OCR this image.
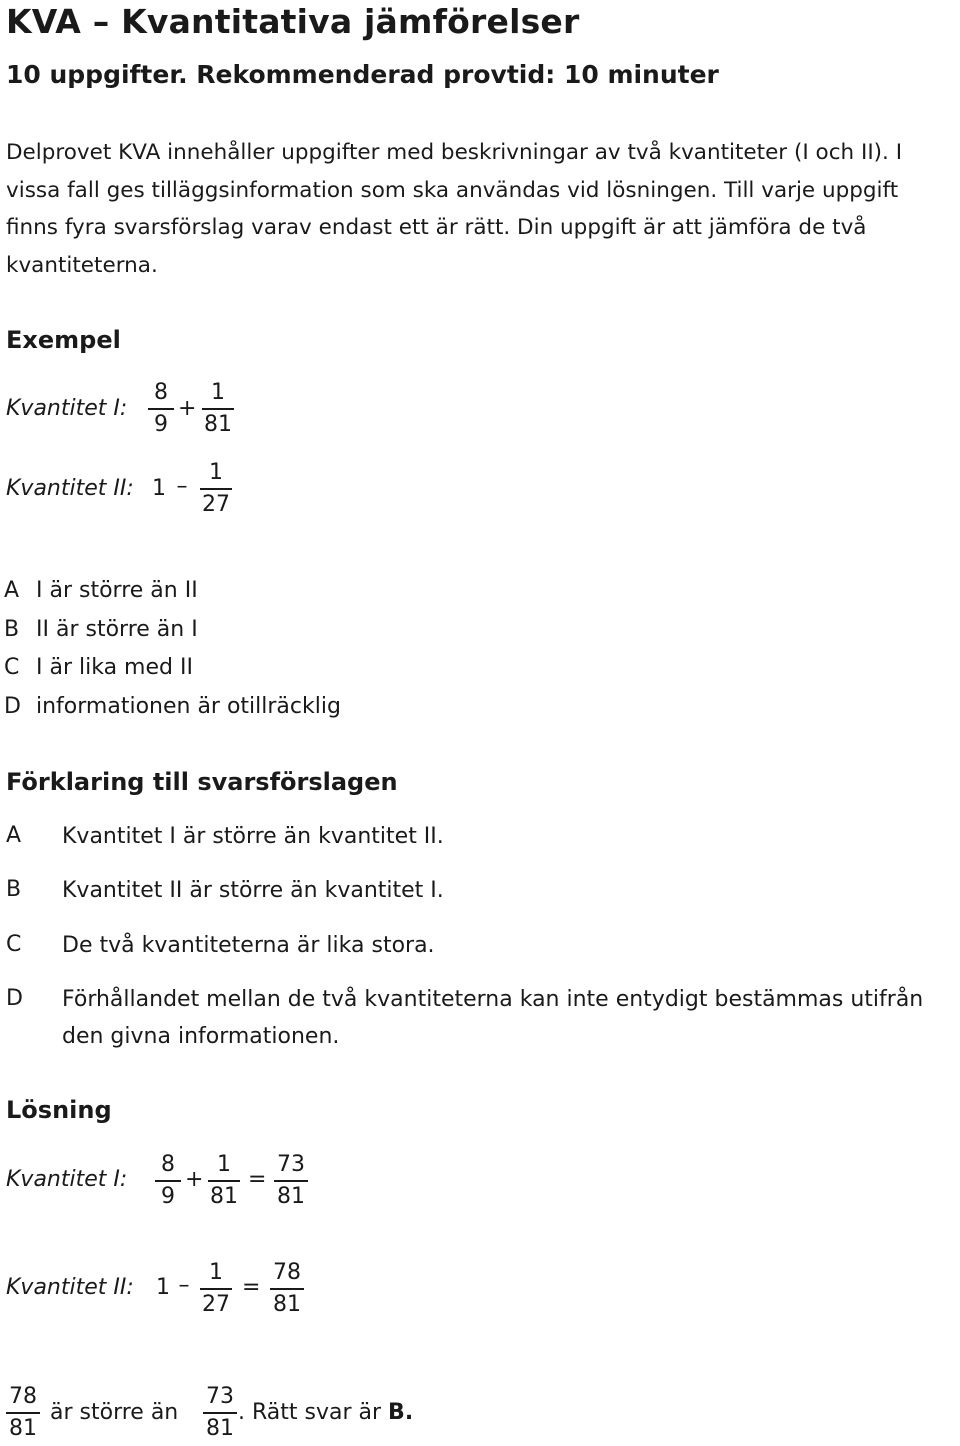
KVA – Kvantitativa jämförelser
10 uppgifter. Rekommenderad provtid: 10 minuter
Delprovet KVA innehåller uppgifter med beskrivningar av två kvantiteter (I och II). I vissa fall ges tilläggsinformation som ska användas vid lösningen. Till varje uppgift finns fyra svarsförslag varav endast ett är rätt. Din uppgift är att jämföra de två kvantiteterna.
Exempel
Kvantitet I:
8
9
+
1
81
Kvantitet II: 1 –
1
27
A I är större än II
B II är större än I
C I är lika med II
D informationen är otillräcklig
Förklaring till svarsförslagen
A Kvantitet I är större än kvantitet II.
B Kvantitet II är större än kvantitet I.
C De två kvantiteterna är lika stora.
D Förhållandet mellan de två kvantiteterna kan inte entydigt bestämmas utifrån den givna informationen.
Lösning
Kvantitet I:
8
9
+
1
81
=
73
81
Kvantitet II: 1 –
1
27
=
78
81
78
81
är större än
73
81
. Rätt svar är B.
